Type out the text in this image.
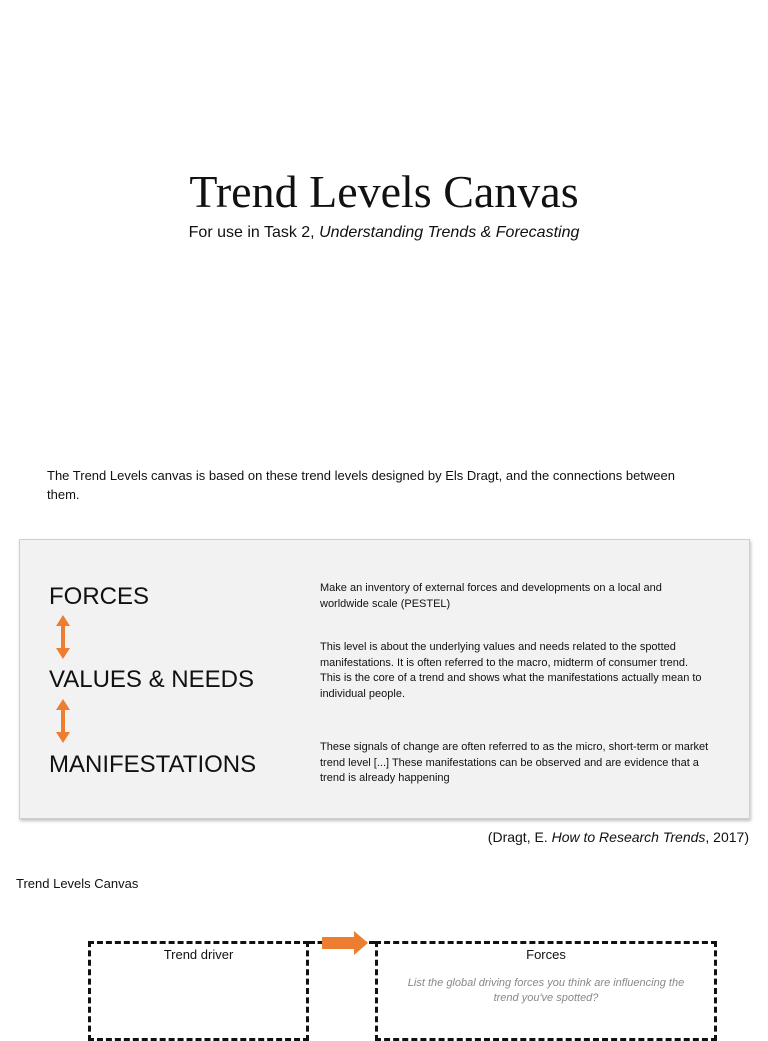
Trend Levels Canvas
For use in Task 2, Understanding Trends & Forecasting
The Trend Levels canvas is based on these trend levels designed by Els Dragt, and the connections between them.
FORCES
VALUES & NEEDS
MANIFESTATIONS
Make an inventory of external forces and developments on a local and worldwide scale (PESTEL)
This level is about the underlying values and needs related to the spotted manifestations. It is often referred to the macro, midterm of consumer trend. This is the core of a trend and shows what the manifestations actually mean to individual people.
These signals of change are often referred to as the micro, short-term or market trend level [...] These manifestations can be observed and are evidence that a trend is already happening
(Dragt, E. How to Research Trends, 2017)
Trend Levels Canvas
Trend driver	Forces
List the global driving forces you think are influencing the trend you've spotted?
